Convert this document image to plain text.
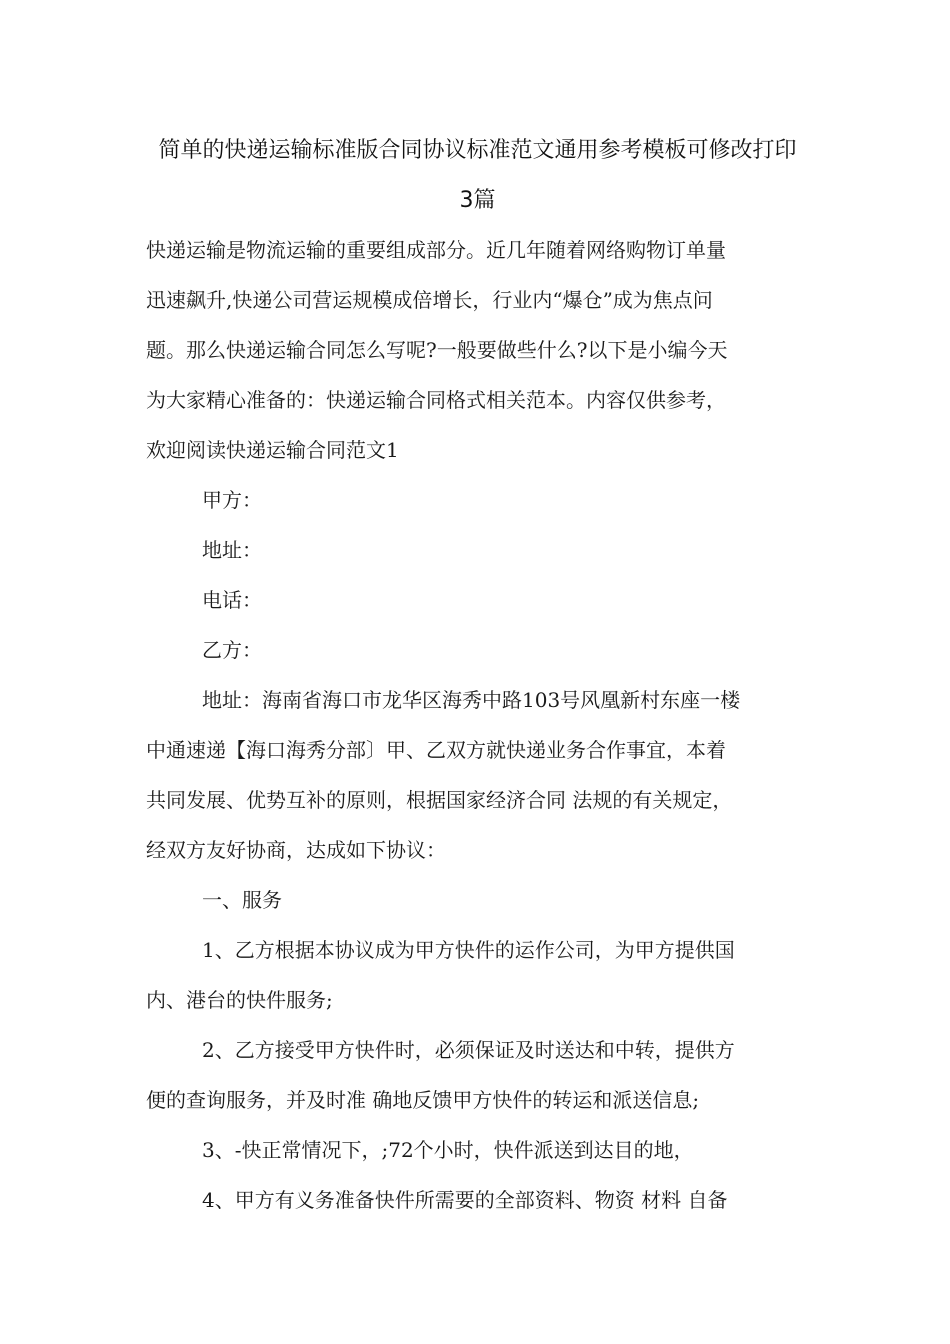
简单的快递运输标准版合同协议标准范文通用参考模板可修改打印
3篇
快递运输是物流运输的重要组成部分。近几年随着网络购物订单量
迅速飙升,快递公司营运规模成倍增长，行业内“爆仓”成为焦点问
题。那么快递运输合同怎么写呢?一般要做些什么?以下是小编今天
为大家精心准备的：快递运输合同格式相关范本。内容仅供参考，
欢迎阅读快递运输合同范文1
甲方：
地址：
电话：
乙方：
地址：海南省海口市龙华区海秀中路103号风凰新村东座一楼
中通速递【海口海秀分部〕甲、乙双方就快递业务合作事宜，本着
共同发展、优势互补的原则，根据国家经济合同 法规的有关规定，
经双方友好协商，达成如下协议：
一、服务
1、乙方根据本协议成为甲方快件的运作公司，为甲方提供国
内、港台的快件服务;
2、乙方接受甲方快件时，必须保证及时送达和中转，提供方
便的查询服务，并及时准 确地反馈甲方快件的转运和派送信息;
3、-快正常情况下，;72个小时，快件派送到达目的地，
4、甲方有义务准备快件所需要的全部资料、物资 材料 自备
